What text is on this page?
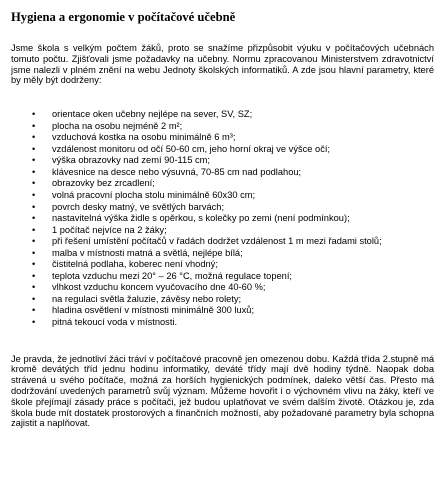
Hygiena a ergonomie v počítačové učebně

Jsme škola s velkým počtem žáků, proto se snažíme přizpůsobit výuku v počítačových učebnách tomuto počtu. Zjišťovali jsme požadavky na učebny. Normu zpracovanou Ministerstvem zdravotnictví jsme nalezli v plném znění na webu Jednoty školských informatiků. A zde jsou hlavní parametry, které by měly být dodrženy:

• orientace oken učebny nejlépe na sever, SV, SZ;
• plocha na osobu nejméně 2 m²;
• vzduchová kostka na osobu minimálně 6 m³;
• vzdálenost monitoru od očí 50-60 cm, jeho horní okraj ve výšce očí;
• výška obrazovky nad zemí 90-115 cm;
• klávesnice na desce nebo výsuvná, 70-85 cm nad podlahou;
• obrazovky bez zrcadlení;
• volná pracovní plocha stolu minimálně 60x30 cm;
• povrch desky matný, ve světlých barvách;
• nastavitelná výška židle s opěrkou, s kolečky po zemi (není podmínkou);
• 1 počítač nejvíce na 2 žáky;
• při řešení umístění počítačů v řadách dodržet vzdálenost 1 m mezi řadami stolů;
• malba v místnosti matná a světlá, nejlépe bílá;
• čistitelná podlaha, koberec není vhodný;
• teplota vzduchu mezi 20° – 26 °C, možná regulace topení;
• vlhkost vzduchu koncem vyučovacího dne 40-60 %;
• na regulaci světla žaluzie, závěsy nebo rolety;
• hladina osvětlení v místnosti minimálně 300 luxů;
• pitná tekoucí voda v místnosti.

Je pravda, že jednotliví žáci tráví v počítačové pracovně jen omezenou dobu. Každá třída 2.stupně má kromě devátých tříd jednu hodinu informatiky, deváté třídy mají dvě hodiny týdně. Naopak doba strávená u svého počítače, možná za horších hygienických podmínek, daleko větší čas. Přesto má dodržování uvedených parametrů svůj význam. Můžeme hovořit i o výchovném vlivu na žáky, kteří ve škole přejímají zásady práce s počítači, jež budou uplatňovat ve svém dalším životě. Otázkou je, zda škola bude mít dostatek prostorových a finančních možností, aby požadované parametry byla schopna zajistit a naplňovat.
